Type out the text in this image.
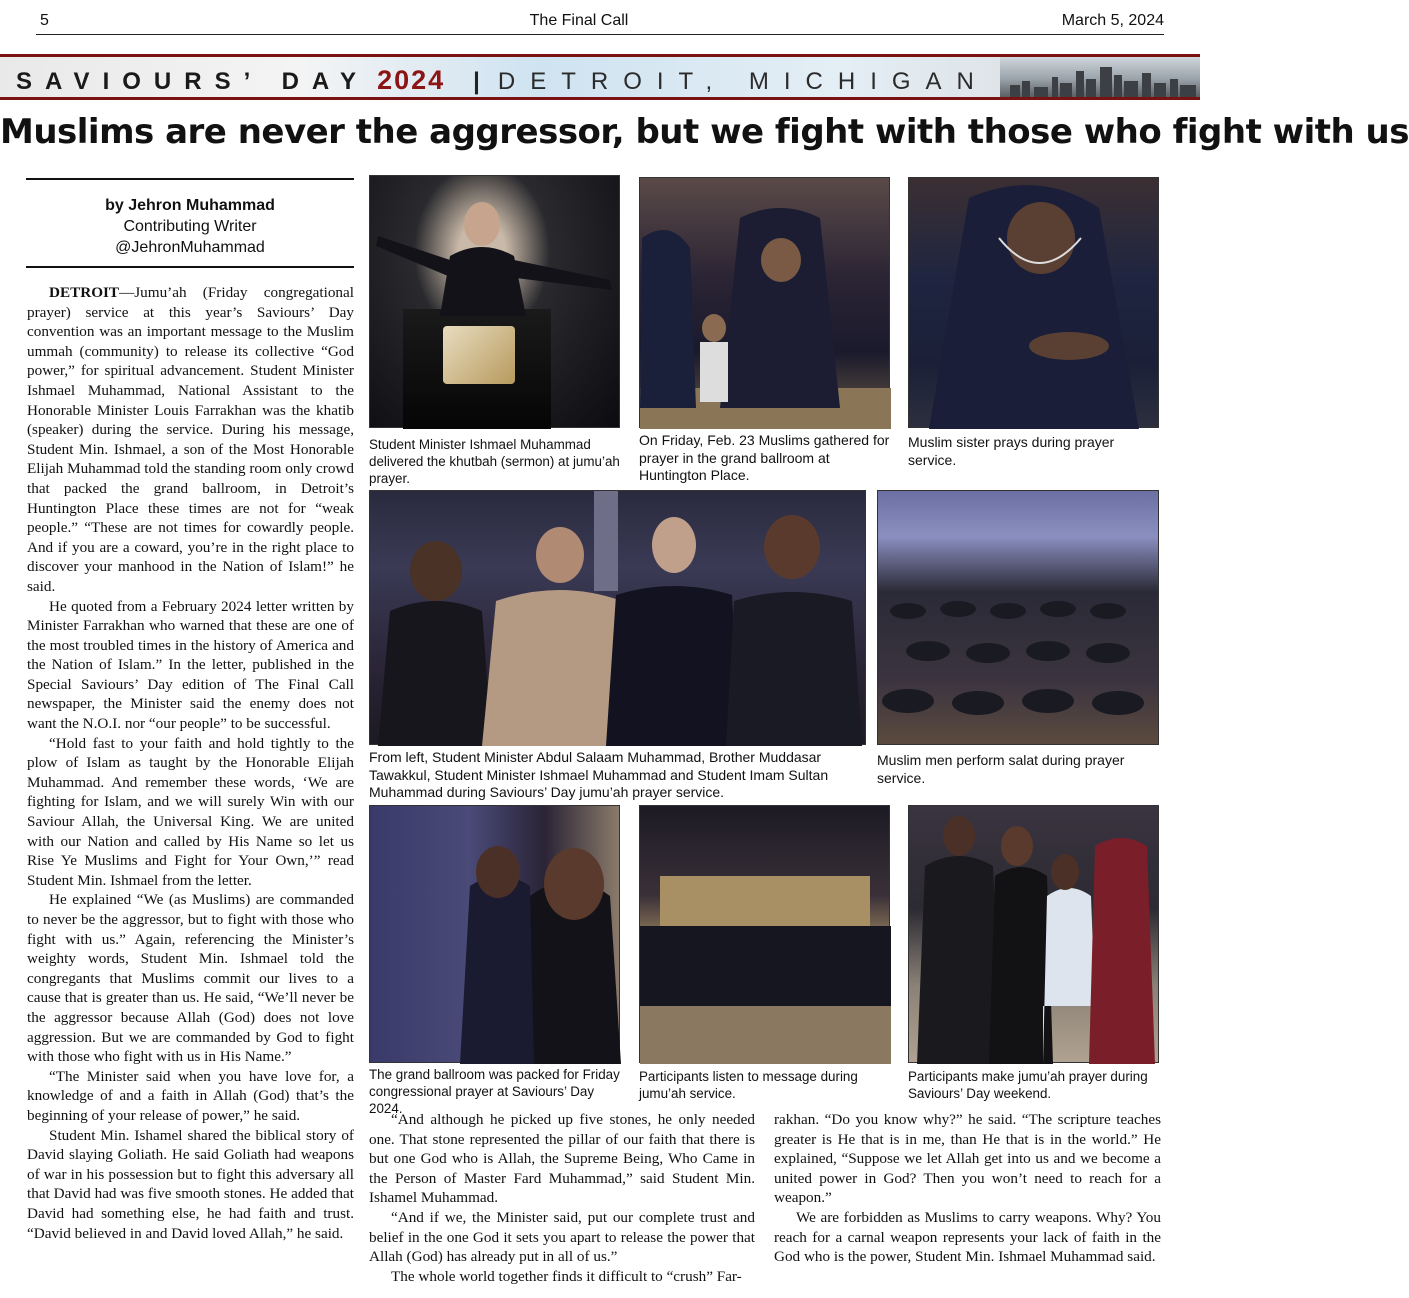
5	The Final Call	March 5, 2024
SAVIOURS’ DAY 2024 | DETROIT, MICHIGAN
Muslims are never the aggressor, but we fight with those who fight with us
by Jehron Muhammad
Contributing Writer
@JehronMuhammad

DETROIT—Jumu’ah (Friday congregational prayer) service at this year’s Saviours’ Day convention was an important message to the Muslim ummah (community) to release its collective “God power,” for spiritual advancement. Student Minister Ishmael Muhammad, National Assistant to the Honorable Minister Louis Farrakhan was the khatib (speaker) during the service. During his message, Student Min. Ishmael, a son of the Most Honorable Elijah Muhammad told the standing room only crowd that packed the grand ballroom, in Detroit’s Huntington Place these times are not for “weak people.” “These are not times for cowardly people. And if you are a coward, you’re in the right place to discover your manhood in the Nation of Islam!” he said.

He quoted from a February 2024 letter written by Minister Farrakhan who warned that these are one of the most troubled times in the history of America and the Nation of Islam.” In the letter, published in the Special Saviours’ Day edition of The Final Call newspaper, the Minister said the enemy does not want the N.O.I. nor “our people” to be successful.

“Hold fast to your faith and hold tightly to the plow of Islam as taught by the Honorable Elijah Muhammad. And remember these words, ‘We are fighting for Islam, and we will surely Win with our Saviour Allah, the Universal King. We are united with our Nation and called by His Name so let us Rise Ye Muslims and Fight for Your Own,’” read Student Min. Ishmael from the letter.

He explained “We (as Muslims) are commanded to never be the aggressor, but to fight with those who fight with us.” Again, referencing the Minister’s weighty words, Student Min. Ishmael told the congregants that Muslims commit our lives to a cause that is greater than us. He said, “We’ll never be the aggressor because Allah (God) does not love aggression. But we are commanded by God to fight with those who fight with us in His Name.”

“The Minister said when you have love for, a knowledge of and a faith in Allah (God) that’s the beginning of your release of power,” he said.

Student Min. Ishamel shared the biblical story of David slaying Goliath. He said Goliath had weapons of war in his possession but to fight this adversary all that David had was five smooth stones. He added that David had something else, he had faith and trust. “David believed in and David loved Allah,” he said.

“And although he picked up five stones, he only needed one. That stone represented the pillar of our faith that there is but one God who is Allah, the Supreme Being, Who Came in the Person of Master Fard Muhammad,” said Student Min. Ishamel Muhammad.

“And if we, the Minister said, put our complete trust and belief in the one God it sets you apart to release the power that Allah (God) has already put in all of us.”

The whole world together finds it difficult to “crush” Far-

rakhan. “Do you know why?” he said. “The scripture teaches greater is He that is in me, than He that is in the world.” He explained, “Suppose we let Allah get into us and we become a united power in God? Then you won’t need to reach for a weapon.”

We are forbidden as Muslims to carry weapons. Why? You reach for a carnal weapon represents your lack of faith in the God who is the power, Student Min. Ishmael Muhammad said.

Student Minister Ishmael Muhammad delivered the khutbah (sermon) at jumu’ah prayer.
On Friday, Feb. 23 Muslims gathered for prayer in the grand ballroom at Huntington Place.
Muslim sister prays during prayer service.
From left, Student Minister Abdul Salaam Muhammad, Brother Muddasar Tawakkul, Student Minister Ishmael Muhammad and Student Imam Sultan Muhammad during Saviours’ Day jumu’ah prayer service.
Muslim men perform salat during prayer service.
The grand ballroom was packed for Friday congressional prayer at Saviours’ Day 2024.
Participants listen to message during jumu’ah service.
Participants make jumu’ah prayer during Saviours’ Day weekend.
